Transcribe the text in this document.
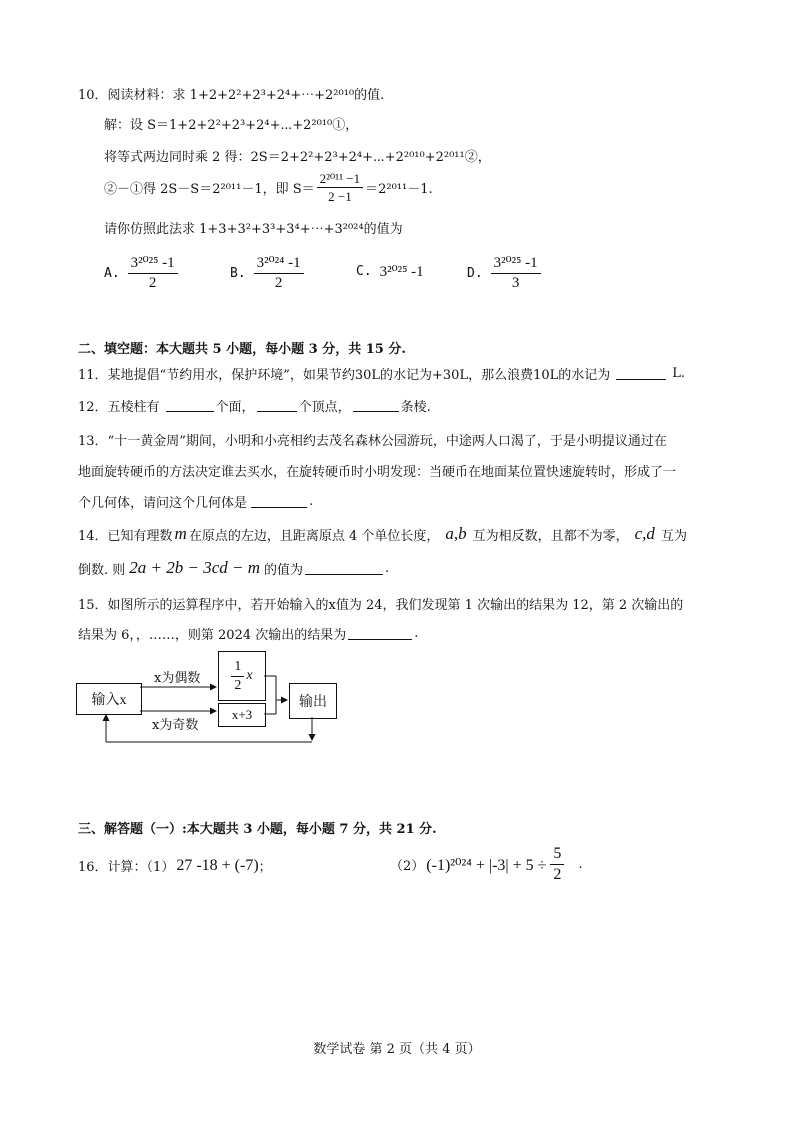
10．阅读材料：求 1+2+2²+2³+2⁴+⋯+2²⁰¹⁰的值.
解：设 S＝1+2+2²+2³+2⁴+⋯+2²⁰¹⁰①，
将等式两边同时乘 2 得：2S＝2+2²+2³+2⁴+⋯+2²⁰¹⁰+2²⁰¹¹②，
②－①得 2S－S＝2²⁰¹¹－1，即 $S= \frac{\text{2²⁰¹¹ −1}}{2 -1} =2^{2011}-1$.
请你仿照此法求 1+3+3²+3³+3⁴+⋯+3²⁰²⁴的值为
A. $\frac{\text{3²⁰²⁵ -1}}{2}$	B. $\frac{\text{3²⁰²⁴ -1}}{2}$	C. 3²⁰²⁵ -1	D. $\frac{\text{3²⁰²⁵ -1}}{3}$
二、填空题：本大题共 5 小题，每小题 3 分，共 15 分.
11．某地提倡“节约用水，保护环境”，如果节约30L的水记为+30L，那么浪费10L的水记为	L.
12．五棱柱有	个面，	个顶点，	条棱.
13．“十一黄金周”期间，小明和小亮相约去茂名森林公园游玩，中途两人口渴了，于是小明提议通过在
地面旋转硬币的方法决定谁去买水，在旋转硬币时小明发现：当硬币在地面某位置快速旋转时，形成了一
个几何体，请问这个几何体是	.
14．已知有理数 m 在原点的左边，且距离原点 4 个单位长度， a,b 互为相反数，且都不为零， c,d 互为
倒数. 则 2a + 2b − 3cd − m 的值为	.
15．如图所示的运算程序中，若开始输入的x值为 24，我们发现第 1 次输出的结果为 12，第 2 次输出的
结果为 6，，……，则第 2024 次输出的结果为	.
输入x
$\frac{1}{2}$ x
x+3
输出
x为偶数
x为奇数
三、解答题（一）:本大题共 3 小题，每小题 7 分，共 21 分.
16．计算：（1） 27 -18 + (-7) ；	（2） $(-1)^{2024} + |-3| + 5 \div \frac{5}{2}$ .
数学试卷 第 2 页（共 4 页）
